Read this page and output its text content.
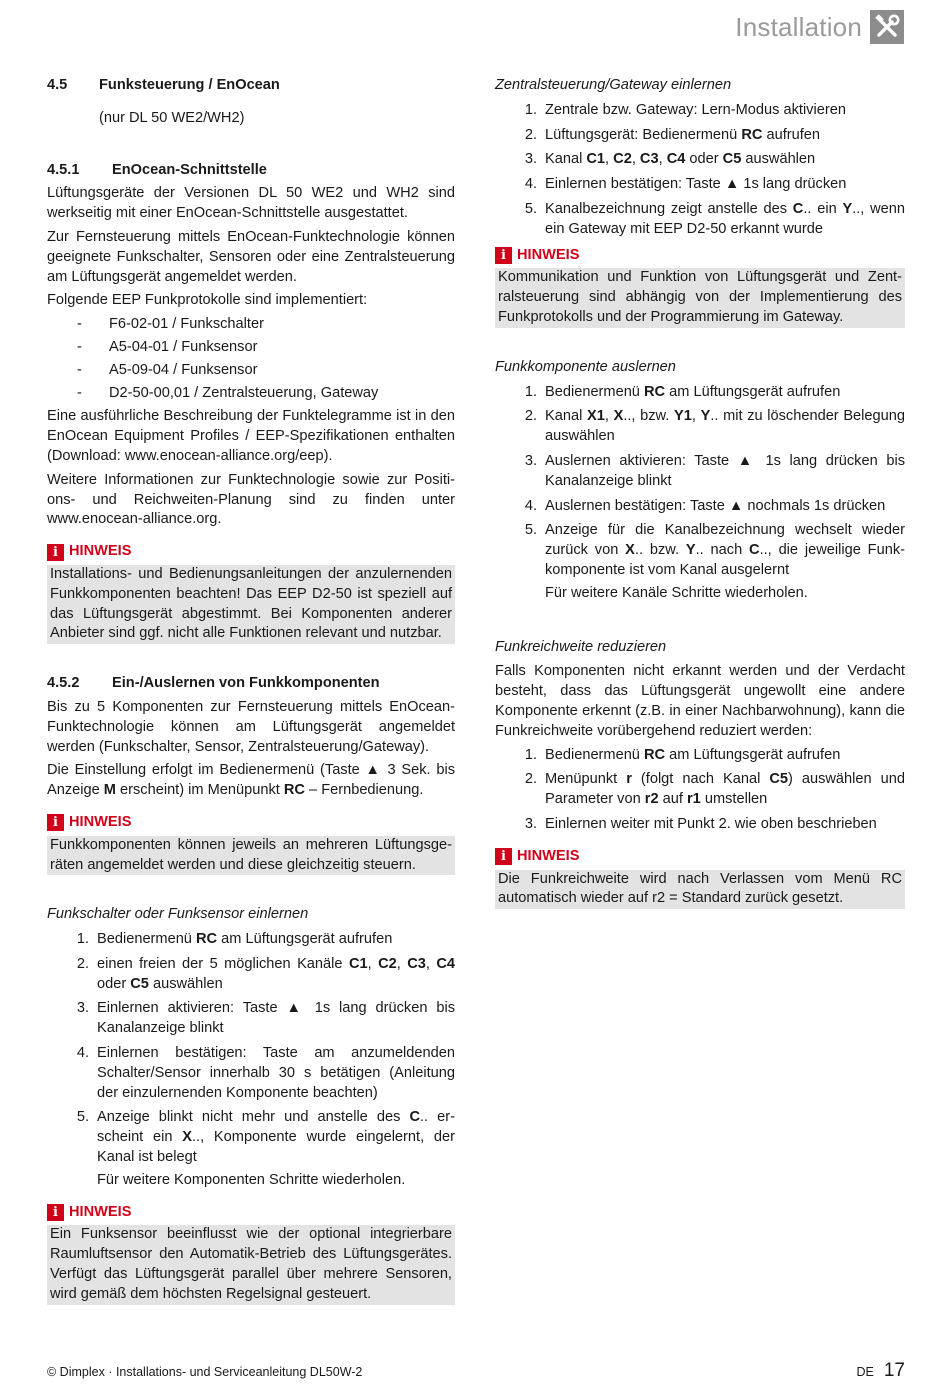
Installation
4.5	Funksteuerung / EnOcean
(nur DL 50 WE2/WH2)
4.5.1	EnOcean-Schnittstelle

Lüftungsgeräte der Versionen DL 50 WE2 und WH2 sind werkseitig mit einer EnOcean-Schnittstelle ausgestattet.

Zur Fernsteuerung mittels EnOcean-Funktechnologie können geeignete Funkschalter, Sensoren oder eine Zentralsteuerung am Lüftungsgerät angemeldet werden.

Folgende EEP Funkprotokolle sind implementiert:

-	F6-02-01 / Funkschalter
-	A5-04-01 / Funksensor
-	A5-09-04 / Funksensor
-	D2-50-00,01 / Zentralsteuerung, Gateway

Eine ausführliche Beschreibung der Funktelegramme ist in den EnOcean Equipment Profiles / EEP-Spezifikationen enthalten (Download: www.enocean-alliance.org/eep).

Weitere Informationen zur Funktechnologie sowie zur Positions- und Reichweiten-Planung sind zu finden unter www.enocean-alliance.org.

i HINWEIS
Installations- und Bedienungsanleitungen der anzulernenden Funkkomponenten beachten! Das EEP D2-50 ist speziell auf das Lüftungsgerät abgestimmt. Bei Komponenten anderer Anbieter sind ggf. nicht alle Funktionen relevant und nutzbar.
4.5.2	Ein-/Auslernen von Funkkomponenten

Bis zu 5 Komponenten zur Fernsteuerung mittels EnOcean-Funktechnologie können am Lüftungsgerät angemeldet werden (Funkschalter, Sensor, Zentralsteuerung/Gateway).

Die Einstellung erfolgt im Bedienermenü (Taste ▲ 3 Sek. bis Anzeige M erscheint) im Menüpunkt RC – Fernbedienung.

i HINWEIS
Funkkomponenten können jeweils an mehreren Lüftungsgeräten angemeldet werden und diese gleichzeitig steuern.
Funkschalter oder Funksensor einlernen
1. Bedienermenü RC am Lüftungsgerät aufrufen
2. einen freien der 5 möglichen Kanäle C1, C2, C3, C4 oder C5 auswählen
3. Einlernen aktivieren: Taste ▲ 1s lang drücken bis Kanalanzeige blinkt
4. Einlernen bestätigen: Taste am anzumeldenden Schalter/Sensor innerhalb 30 s betätigen (Anleitung der einzulernenden Komponente beachten)
5. Anzeige blinkt nicht mehr und anstelle des C.. erscheint ein X.., Komponente wurde eingelernt, der Kanal ist belegt
Für weitere Komponenten Schritte wiederholen.
i HINWEIS
Ein Funksensor beeinflusst wie der optional integrierbare Raumluftsensor den Automatik-Betrieb des Lüftungsgerätes. Verfügt das Lüftungsgerät parallel über mehrere Sensoren, wird gemäß dem höchsten Regelsignal gesteuert.
Zentralsteuerung/Gateway einlernen
1. Zentrale bzw. Gateway: Lern-Modus aktivieren
2. Lüftungsgerät: Bedienermenü RC aufrufen
3. Kanal C1, C2, C3, C4 oder C5 auswählen
4. Einlernen bestätigen: Taste ▲ 1s lang drücken
5. Kanalbezeichnung zeigt anstelle des C.. ein Y.., wenn ein Gateway mit EEP D2-50 erkannt wurde
i HINWEIS
Kommunikation und Funktion von Lüftungsgerät und Zentralsteuerung sind abhängig von der Implementierung des Funkprotokolls und der Programmierung im Gateway.
Funkkomponente auslernen
1. Bedienermenü RC am Lüftungsgerät aufrufen
2. Kanal X1, X.., bzw. Y1, Y.. mit zu löschender Belegung auswählen
3. Auslernen aktivieren: Taste ▲ 1s lang drücken bis Kanalanzeige blinkt
4. Auslernen bestätigen: Taste ▲ nochmals 1s drücken
5. Anzeige für die Kanalbezeichnung wechselt wieder zurück von X.. bzw. Y.. nach C.., die jeweilige Funkkomponente ist vom Kanal ausgelernt
Für weitere Kanäle Schritte wiederholen.
Funkreichweite reduzieren

Falls Komponenten nicht erkannt werden und der Verdacht besteht, dass das Lüftungsgerät ungewollt eine andere Komponente erkennt (z.B. in einer Nachbarwohnung), kann die Funkreichweite vorübergehend reduziert werden:

1. Bedienermenü RC am Lüftungsgerät aufrufen
2. Menüpunkt r (folgt nach Kanal C5) auswählen und Parameter von r2 auf r1 umstellen
3. Einlernen weiter mit Punkt 2. wie oben beschrieben
i HINWEIS
Die Funkreichweite wird nach Verlassen vom Menü RC automatisch wieder auf r2 = Standard zurück gesetzt.
© Dimplex · Installations- und Serviceanleitung DL50W-2	DE 17
